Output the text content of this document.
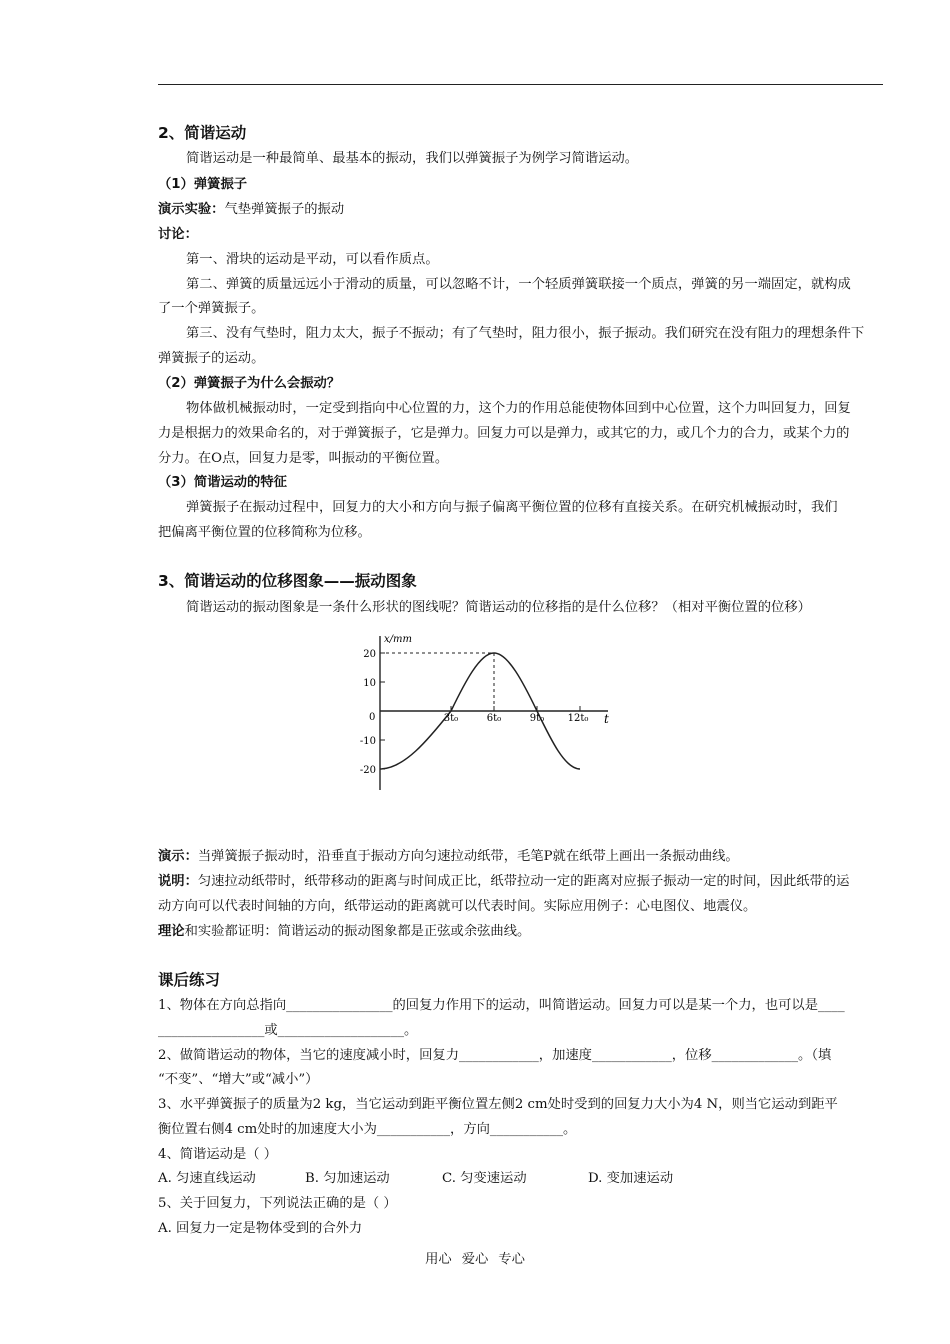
2、简谐运动
简谐运动是一种最简单、最基本的振动，我们以弹簧振子为例学习简谐运动。
（1）弹簧振子
演示实验：气垫弹簧振子的振动
讨论：
第一、滑块的运动是平动，可以看作质点。
第二、弹簧的质量远远小于滑动的质量，可以忽略不计，一个轻质弹簧联接一个质点，弹簧的另一端固定，就构成
了一个弹簧振子。
第三、没有气垫时，阻力太大，振子不振动；有了气垫时，阻力很小，振子振动。我们研究在没有阻力的理想条件下
弹簧振子的运动。
（2）弹簧振子为什么会振动？
物体做机械振动时，一定受到指向中心位置的力，这个力的作用总能使物体回到中心位置，这个力叫回复力，回复
力是根据力的效果命名的，对于弹簧振子，它是弹力。回复力可以是弹力，或其它的力，或几个力的合力，或某个力的
分力。在O点，回复力是零，叫振动的平衡位置。
（3）简谐运动的特征
弹簧振子在振动过程中，回复力的大小和方向与振子偏离平衡位置的位移有直接关系。在研究机械振动时，我们
把偏离平衡位置的位移简称为位移。
3、简谐运动的位移图象——振动图象
简谐运动的振动图象是一条什么形状的图线呢？简谐运动的位移指的是什么位移？（相对平衡位置的位移）
x/mm
t
0
20
10
-10
-20
3t₀	6t₀	9t₀ 12t₀
演示：当弹簧振子振动时，沿垂直于振动方向匀速拉动纸带，毛笔P就在纸带上画出一条振动曲线。
说明：匀速拉动纸带时，纸带移动的距离与时间成正比，纸带拉动一定的距离对应振子振动一定的时间，因此纸带的运
动方向可以代表时间轴的方向，纸带运动的距离就可以代表时间。实际应用例子：心电图仪、地震仪。
理论和实验都证明：简谐运动的振动图象都是正弦或余弦曲线。
课后练习
1、物体在方向总指向________________的回复力作用下的运动，叫简谐运动。回复力可以是某一个力，也可以是____
________________或___________________。
2、做简谐运动的物体，当它的速度减小时，回复力____________，加速度____________，位移_____________。（填
“不变”、“增大”或“减小”）
3、水平弹簧振子的质量为2 kg，当它运动到距平衡位置左侧2 cm处时受到的回复力大小为4 N，则当它运动到距平
衡位置右侧4 cm处时的加速度大小为___________，方向___________。
4、简谐运动是（ ）
A. 匀速直线运动	B. 匀加速运动	C. 匀变速运动	D. 变加速运动
5、关于回复力，下列说法正确的是（ ）
A. 回复力一定是物体受到的合外力
用心 爱心 专心
